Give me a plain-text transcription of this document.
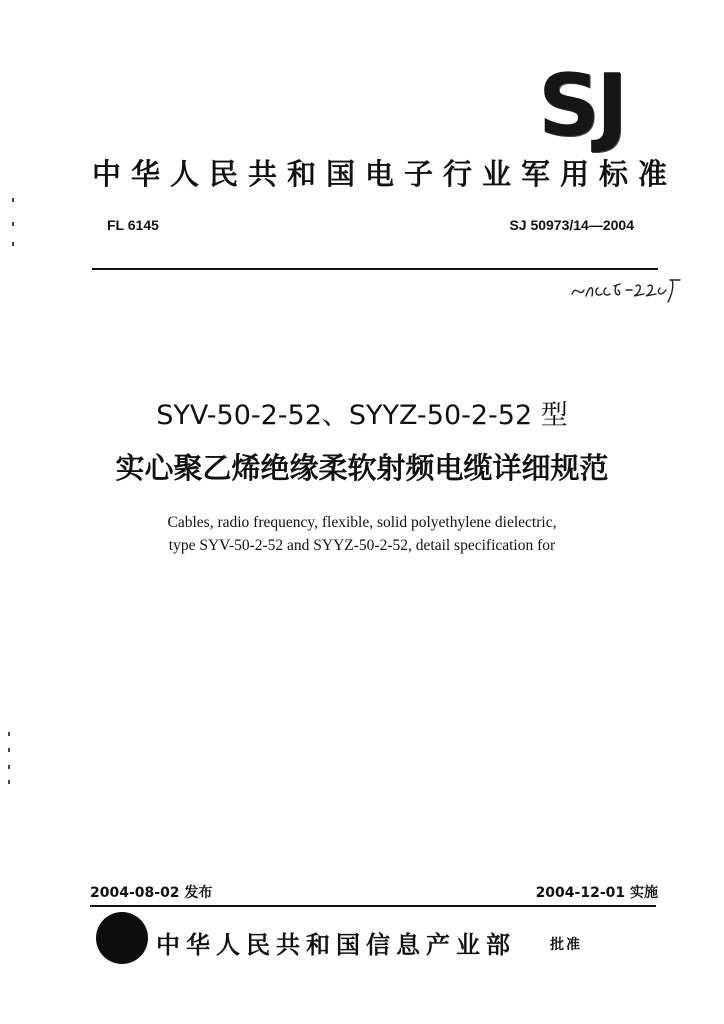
SJ
中华人民共和国电子行业军用标准
FL 6145	SJ 50973/14—2004
SYV-50-2-52、SYYZ-50-2-52 型
实心聚乙烯绝缘柔软射频电缆详细规范
Cables, radio frequency, flexible, solid polyethylene dielectric,
type SYV-50-2-52 and SYYZ-50-2-52, detail specification for
2004-08-02 发布	2004-12-01 实施
中华人民共和国信息产业部 批准
